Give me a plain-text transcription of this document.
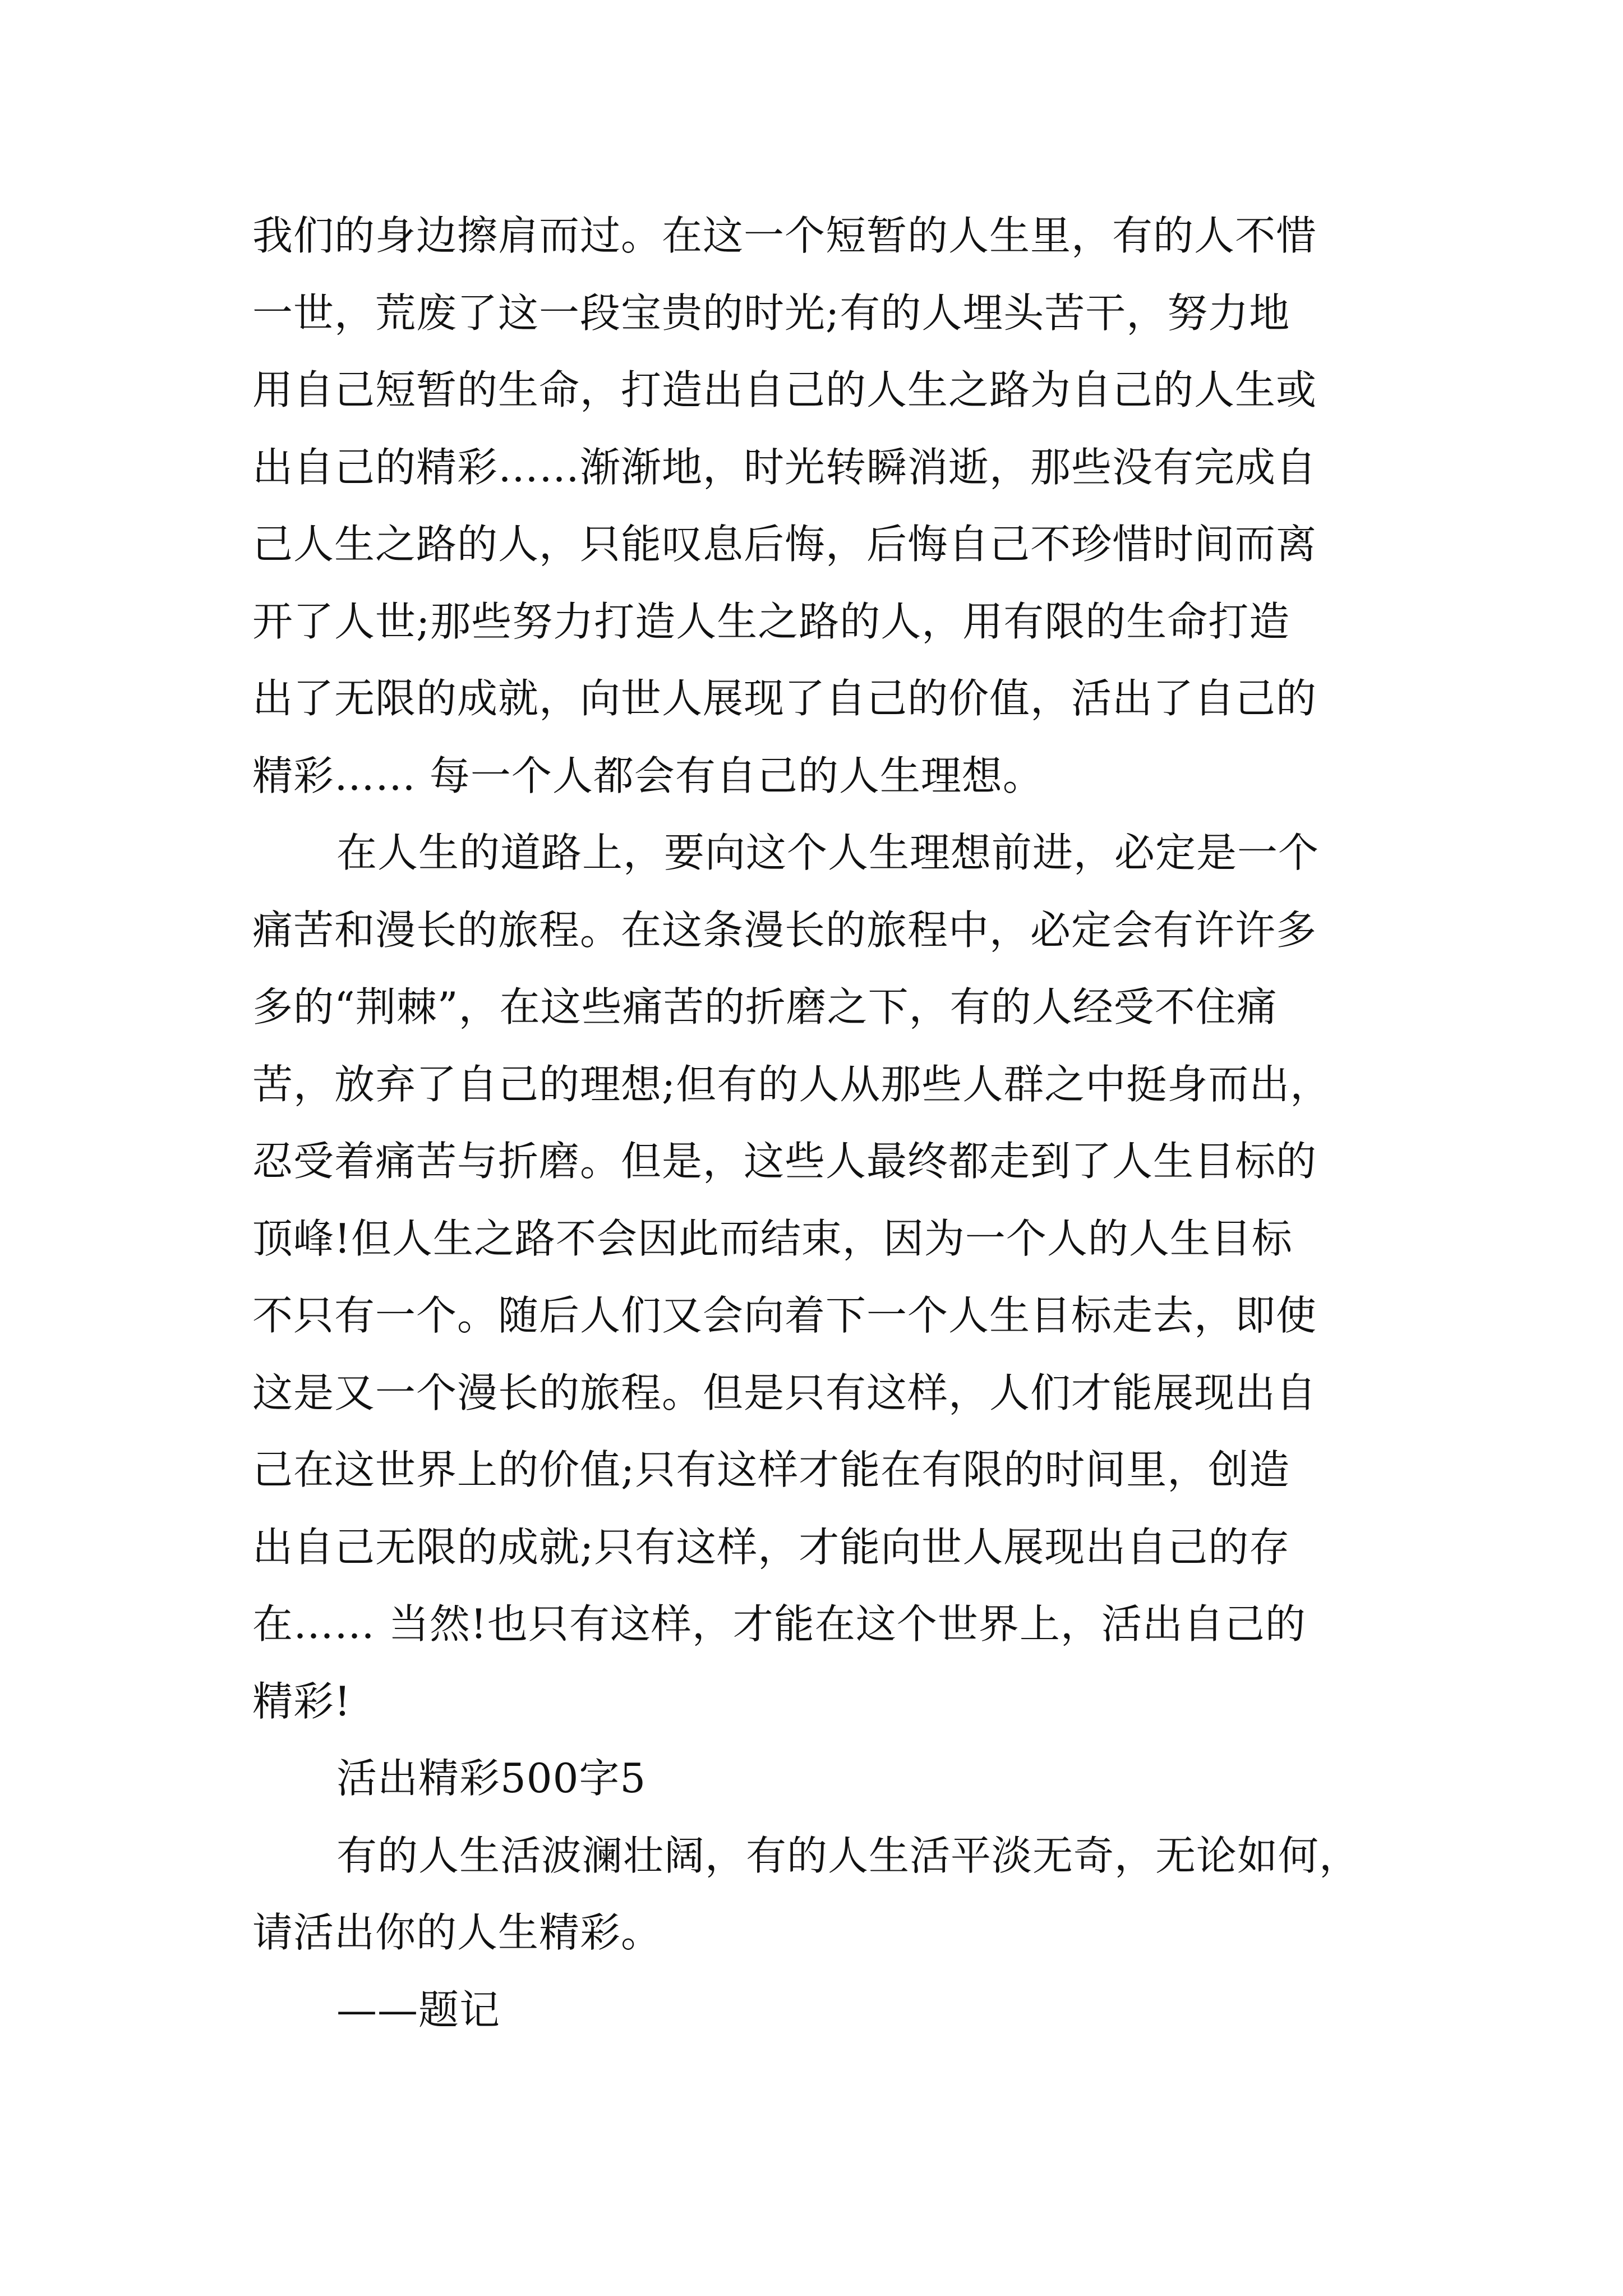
我们的身边擦肩而过。在这一个短暂的人生里，有的人不惜
一世，荒废了这一段宝贵的时光;有的人埋头苦干，努力地
用自己短暂的生命，打造出自己的人生之路为自己的人生或
出自己的精彩……渐渐地，时光转瞬消逝，那些没有完成自
己人生之路的人，只能叹息后悔，后悔自己不珍惜时间而离
开了人世;那些努力打造人生之路的人，用有限的生命打造
出了无限的成就，向世人展现了自己的价值，活出了自己的
精彩…… 每一个人都会有自己的人生理想。
在人生的道路上，要向这个人生理想前进，必定是一个
痛苦和漫长的旅程。在这条漫长的旅程中，必定会有许许多
多的“荆棘”，在这些痛苦的折磨之下，有的人经受不住痛
苦，放弃了自己的理想;但有的人从那些人群之中挺身而出，
忍受着痛苦与折磨。但是，这些人最终都走到了人生目标的
顶峰!但人生之路不会因此而结束，因为一个人的人生目标
不只有一个。随后人们又会向着下一个人生目标走去，即使
这是又一个漫长的旅程。但是只有这样，人们才能展现出自
己在这世界上的价值;只有这样才能在有限的时间里，创造
出自己无限的成就;只有这样，才能向世人展现出自己的存
在…… 当然!也只有这样，才能在这个世界上，活出自己的
精彩!
活出精彩500字5
有的人生活波澜壮阔，有的人生活平淡无奇，无论如何，
请活出你的人生精彩。
——题记
